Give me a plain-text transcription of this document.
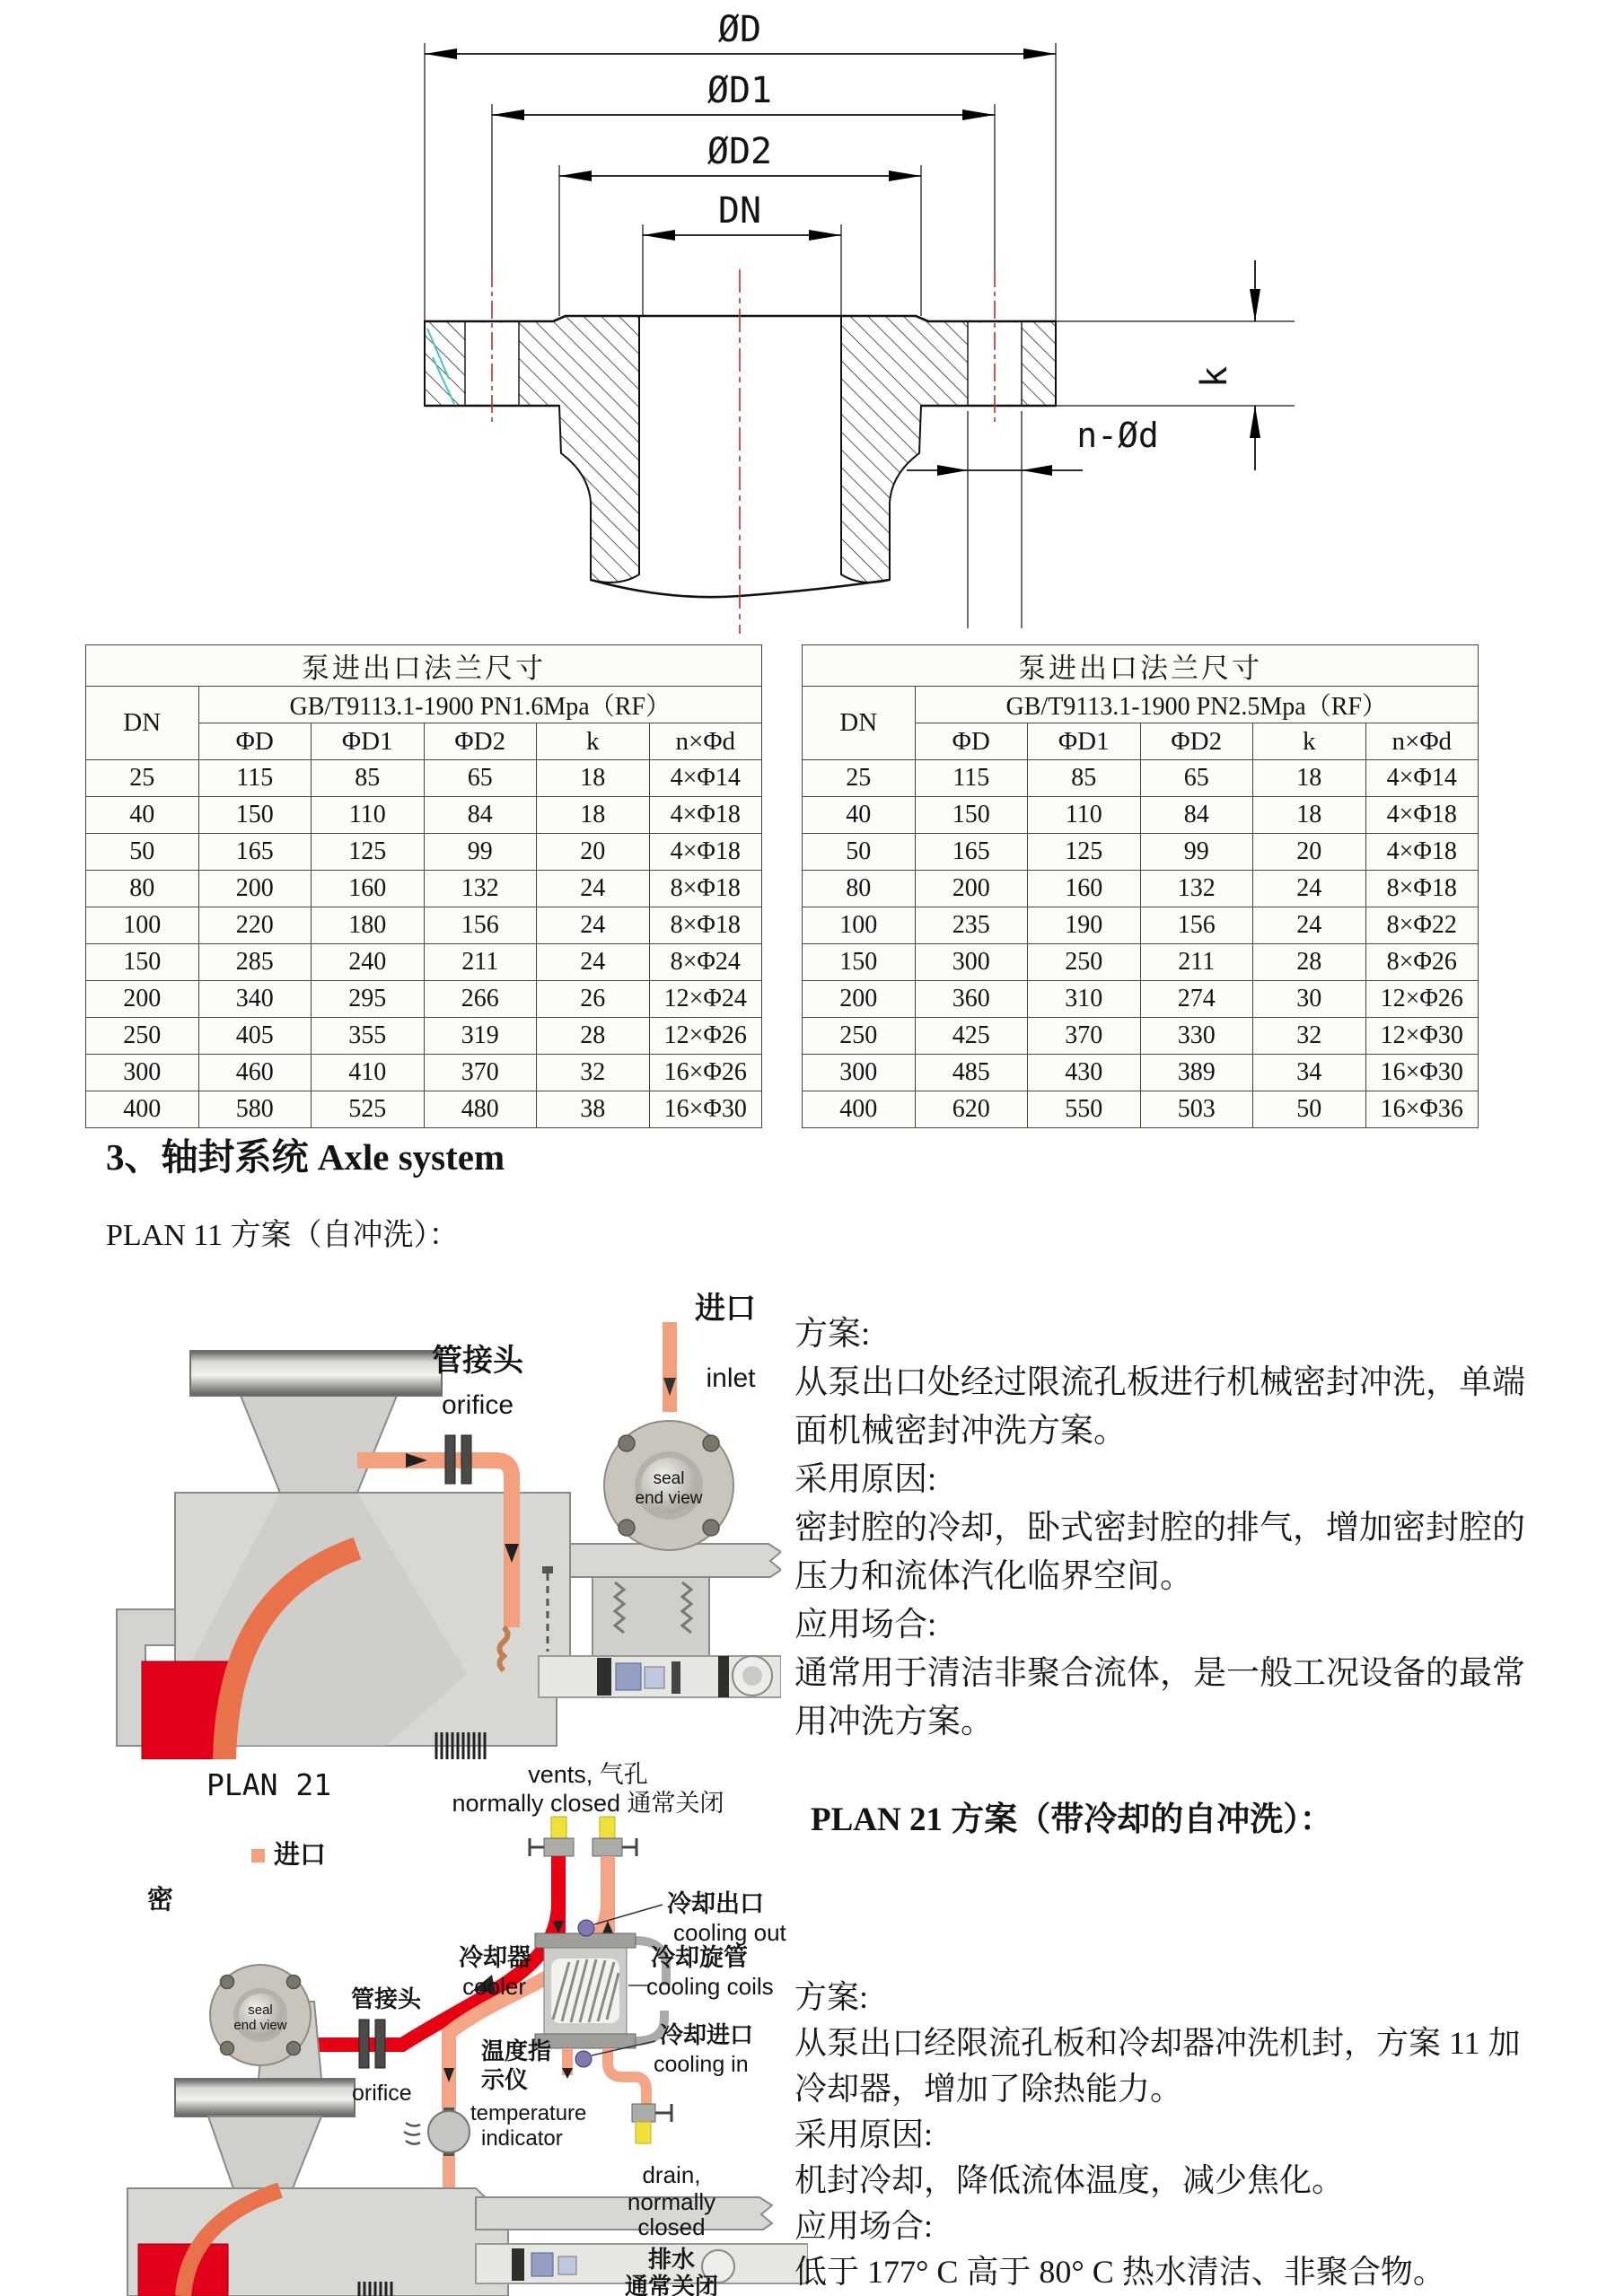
ØD
ØD1
ØD2
DN
k
n-Ød
泵进出口法兰尺寸					
DN	GB/T9113.1-1900 PN1.6Mpa（RF）				
	ΦD	ΦD1	ΦD2	k	n×Φd
25	115	85	65	18	4×Φ14
40	150	110	84	18	4×Φ18
50	165	125	99	20	4×Φ18
80	200	160	132	24	8×Φ18
100	220	180	156	24	8×Φ18
150	285	240	211	24	8×Φ24
200	340	295	266	26	12×Φ24
250	405	355	319	28	12×Φ26
300	460	410	370	32	16×Φ26
400	580	525	480	38	16×Φ30
泵进出口法兰尺寸					
DN	GB/T9113.1-1900 PN2.5Mpa（RF）				
	ΦD	ΦD1	ΦD2	k	n×Φd
25	115	85	65	18	4×Φ14
40	150	110	84	18	4×Φ18
50	165	125	99	20	4×Φ18
80	200	160	132	24	8×Φ18
100	235	190	156	24	8×Φ22
150	300	250	211	28	8×Φ26
200	360	310	274	30	12×Φ26
250	425	370	330	32	12×Φ30
300	485	430	389	34	16×Φ30
400	620	550	503	50	16×Φ36
3、轴封系统 Axle system
PLAN 11 方案（自冲洗）：
seal
end view
管接头
orifice
进口
inlet
方案:
从泵出口处经过限流孔板进行机械密封冲洗，单端
面机械密封冲洗方案。
采用原因:
密封腔的冷却，卧式密封腔的排气，增加密封腔的
压力和流体汽化临界空间。
应用场合:
通常用于清洁非聚合流体，是一般工况设备的最常
用冲洗方案。
PLAN 21 方案（带冷却的自冲洗）：
PLAN 21	vents, 气孔
normally closed 通常关闭
seal
end view
进口
密	冷却出口
cooling out
冷却器
cooler
冷却旋管
cooling coils
管接头
orifice
温度指
示仪
temperature
indicator
冷却进口
cooling in
drain,
normally
closed
排水
通常关闭
方案:
从泵出口经限流孔板和冷却器冲洗机封，方案 11 加
冷却器，增加了除热能力。
采用原因:
机封冷却，降低流体温度，减少焦化。
应用场合:
低于 177° C 高于 80° C 热水清洁、非聚合物。
